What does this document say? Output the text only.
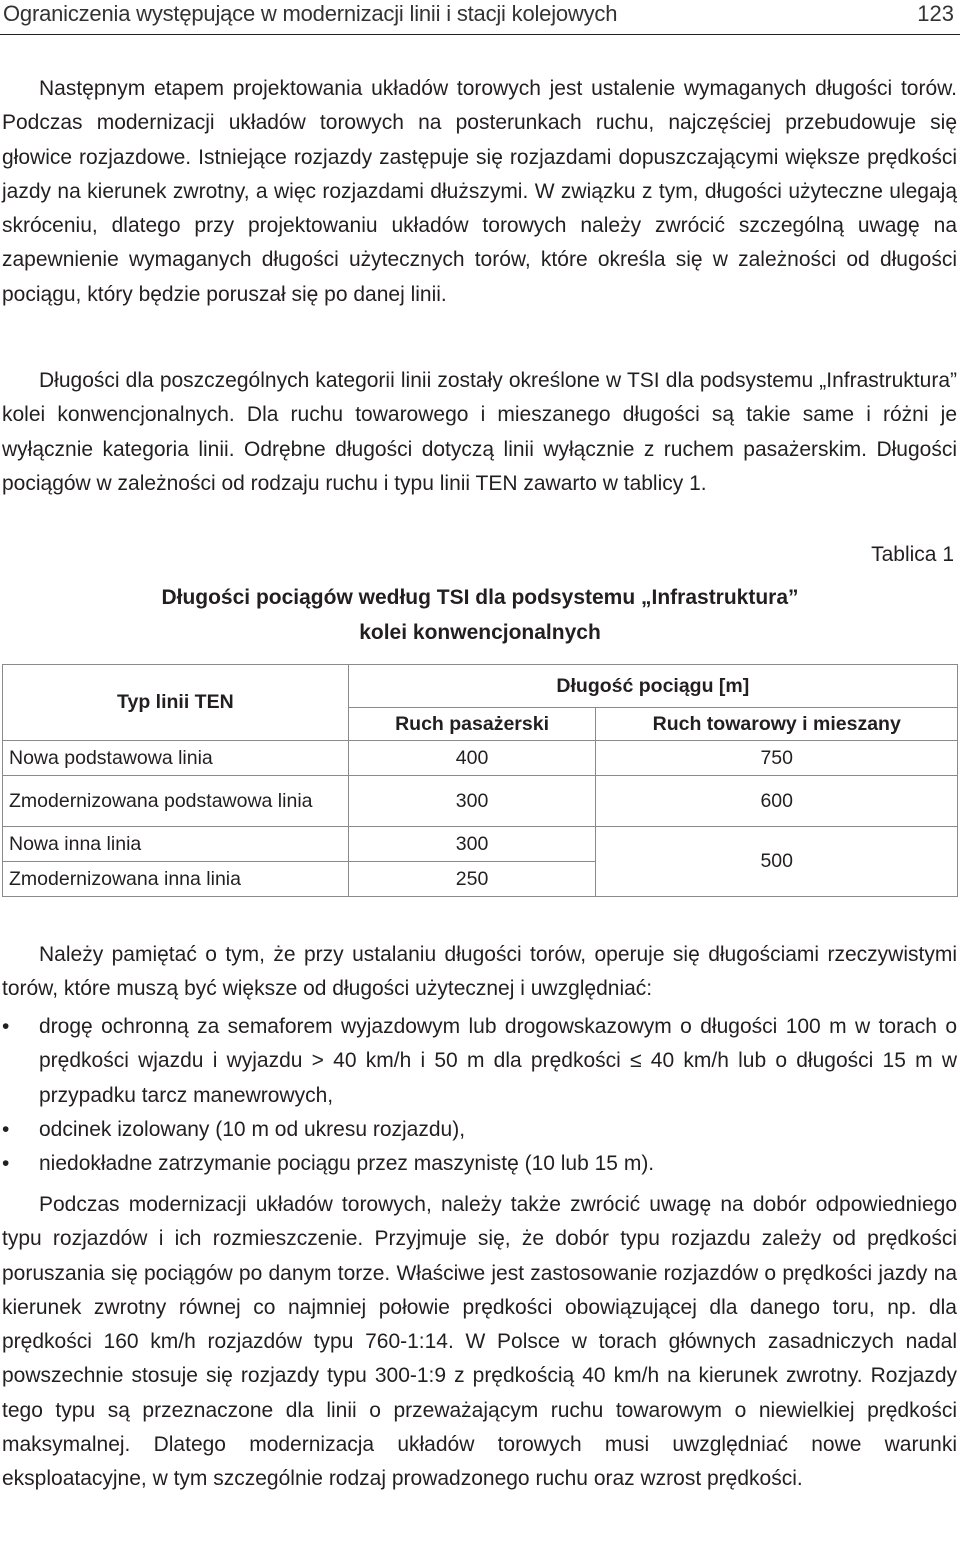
Ograniczenia występujące w modernizacji linii i stacji kolejowych	123

Następnym etapem projektowania układów torowych jest ustalenie wymaganych długości torów. Podczas modernizacji układów torowych na posterunkach ruchu, najczęściej przebudowuje się głowice rozjazdowe. Istniejące rozjazdy zastępuje się rozjazdami dopuszczającymi większe prędkości jazdy na kierunek zwrotny, a więc rozjazdami dłuższymi. W związku z tym, długości użyteczne ulegają skróceniu, dlatego przy projektowaniu układów torowych należy zwrócić szczególną uwagę na zapewnienie wymaganych długości użytecznych torów, które określa się w zależności od długości pociągu, który będzie poruszał się po danej linii.

Długości dla poszczególnych kategorii linii zostały określone w TSI dla podsystemu „Infrastruktura” kolei konwencjonalnych. Dla ruchu towarowego i mieszanego długości są takie same i różni je wyłącznie kategoria linii. Odrębne długości dotyczą linii wyłącznie z ruchem pasażerskim. Długości pociągów w zależności od rodzaju ruchu i typu linii TEN zawarto w tablicy 1.

Tablica 1
Długości pociągów według TSI dla podsystemu „Infrastruktura”
kolei konwencjonalnych
Typ linii TEN	Długość pociągu [m]	
	Ruch pasażerski	Ruch towarowy i mieszany
Nowa podstawowa linia	400	750
Zmodernizowana podstawowa linia	300	600
Nowa inna linia	300	500
Zmodernizowana inna linia	250	

Należy pamiętać o tym, że przy ustalaniu długości torów, operuje się długościami rzeczywistymi torów, które muszą być większe od długości użytecznej i uwzględniać:

• drogę ochronną za semaforem wyjazdowym lub drogowskazowym o długości 100 m w torach o prędkości wjazdu i wyjazdu > 40 km/h i 50 m dla prędkości ≤ 40 km/h lub o długości 15 m w przypadku tarcz manewrowych,
• odcinek izolowany (10 m od ukresu rozjazdu),
• niedokładne zatrzymanie pociągu przez maszynistę (10 lub 15 m).

Podczas modernizacji układów torowych, należy także zwrócić uwagę na dobór odpowiedniego typu rozjazdów i ich rozmieszczenie. Przyjmuje się, że dobór typu rozjazdu zależy od prędkości poruszania się pociągów po danym torze. Właściwe jest zastosowanie rozjazdów o prędkości jazdy na kierunek zwrotny równej co najmniej połowie prędkości obowiązującej dla danego toru, np. dla prędkości 160 km/h rozjazdów typu 760-1:14. W Polsce w torach głównych zasadniczych nadal powszechnie stosuje się rozjazdy typu 300-1:9 z prędkością 40 km/h na kierunek zwrotny. Rozjazdy tego typu są przeznaczone dla linii o przeważającym ruchu towarowym o niewielkiej prędkości maksymalnej. Dlatego modernizacja układów torowych musi uwzględniać nowe warunki eksploatacyjne, w tym szczególnie rodzaj prowadzonego ruchu oraz wzrost prędkości.
